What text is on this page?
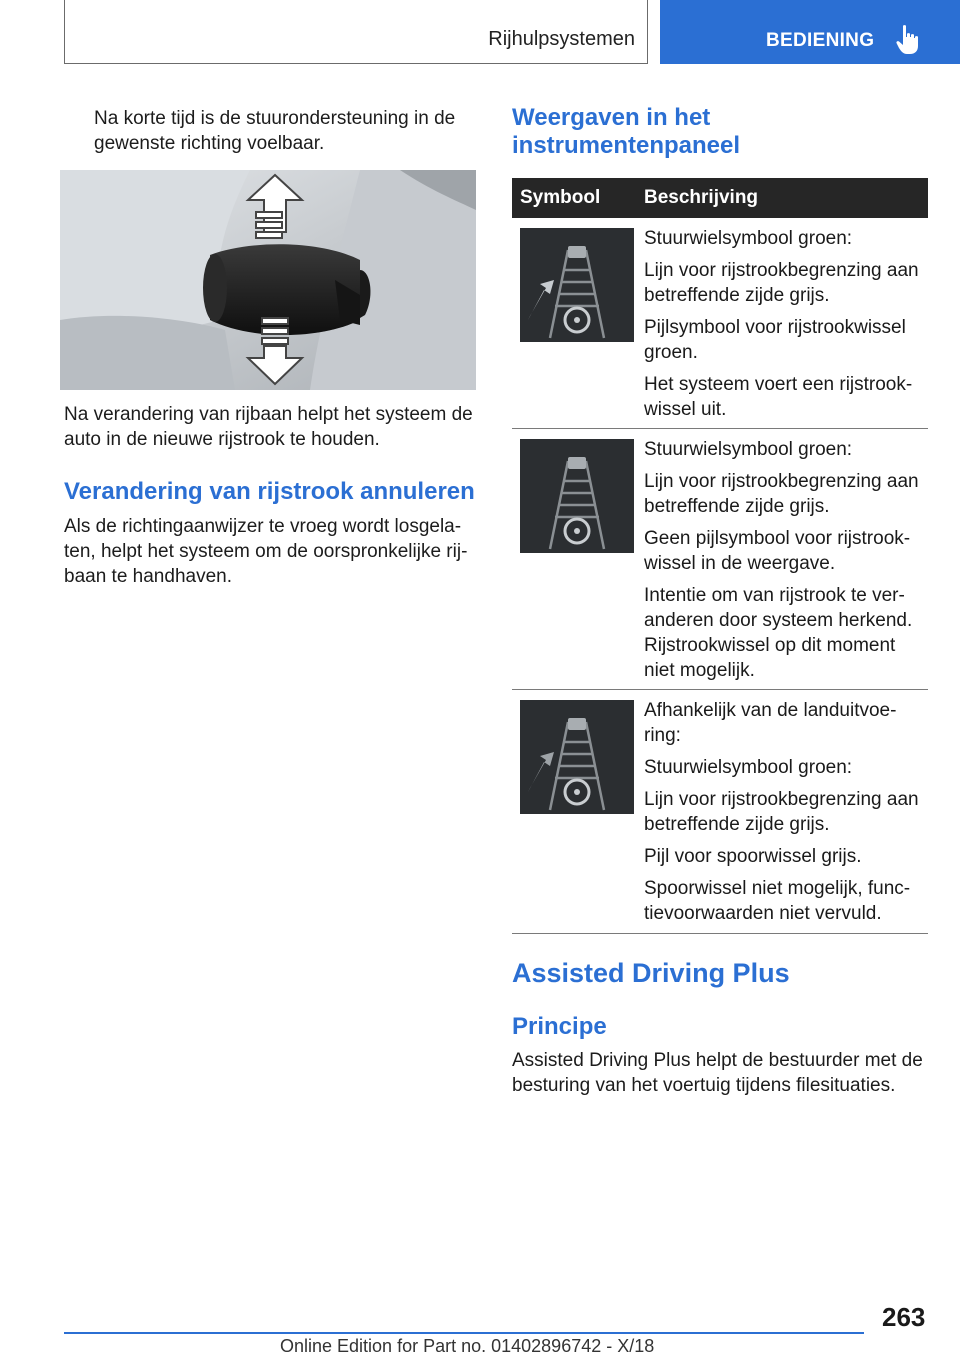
Rijhulpsystemen	BEDIENING

Na korte tijd is de stuurondersteuning in de gewenste richting voelbaar.

Na verandering van rijbaan helpt het systeem de auto in de nieuwe rijstrook te houden.

Verandering van rijstrook annuleren

Als de richtingaanwijzer te vroeg wordt losgela- ten, helpt het systeem om de oorspronkelijke rij- baan te handhaven.

Weergaven in het instrumentenpaneel
Symbool Beschrijving

Stuurwielsymbool groen:

Lijn voor rijstrookbegrenzing aan betreffende zijde grijs.

Pijlsymbool voor rijstrookwissel groen.

Het systeem voert een rijstrook- wissel uit.

Stuurwielsymbool groen:

Lijn voor rijstrookbegrenzing aan betreffende zijde grijs.

Geen pijlsymbool voor rijstrook- wissel in de weergave.

Intentie om van rijstrook te ver- anderen door systeem herkend. Rijstrookwissel op dit moment niet mogelijk.

Afhankelijk van de landuitvoe- ring:

Stuurwielsymbool groen:

Lijn voor rijstrookbegrenzing aan betreffende zijde grijs.

Pijl voor spoorwissel grijs.

Spoorwissel niet mogelijk, func- tievoorwaarden niet vervuld.

Assisted Driving Plus
Principe

Assisted Driving Plus helpt de bestuurder met de besturing van het voertuig tijdens filesituaties.

263
Online Edition for Part no. 01402896742 - X/18
